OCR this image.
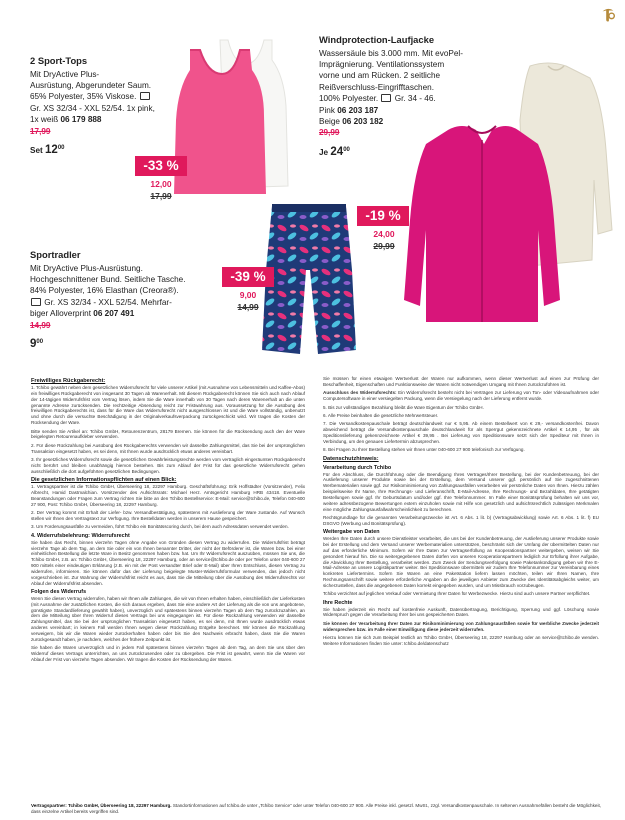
2 Sport-Tops
Mit DryActive Plus-
Ausrüstung, Abgerundeter Saum.
65% Polyester, 35% Viskose.
Gr. XS 32/34 - XXL 52/54. 1x pink,
1x weiß 06 179 888
17,99
Set $12^{00}$
-33 %
12,00
17,99
Sportradler
Mit DryActive Plus-Ausrüstung.
Hochgeschnittener Bund. Seitliche Tasche.
84% Polyester, 16% Elasthan (Creora®).
Gr. XS 32/34 - XXL 52/54. Mehrfar-
biger Alloverprint 06 207 491
14,99
$9^{00}$
-39 %
9,00
14,99
Windprotection-Laufjacke
Wassersäule bis 3.000 mm. Mit evoPel-
Imprägnierung. Ventilationssystem
vorne und am Rücken. 2 seitliche
Reißverschluss-Eingrifftaschen.
100% Polyester. Gr. 34 - 46.
Pink 06 203 187
Beige 06 203 182
29,99
Je $24^{00}$
-19 %
24,00
29,99
Freiwilliges Rückgaberecht:

1. Tchibo gewährt neben dem gesetzlichen Widerrufsrecht für viele unserer Artikel (mit Ausnahme von Lebensmitteln und Kaffee-Abos) ein freiwilliges Rückgaberecht von insgesamt 30 Tagen ab Warenerhalt. Mit diesem Rückgaberecht können Sie sich auch nach Ablauf der 14-tägigen Widerrufsfrist vom Vertrag lösen, indem Sie die Ware innerhalb von 30 Tagen nach deren Warenerhalt an die unten genannte Adresse zurücksenden. Die rechtzeitige Absendung reicht zur Fristwahrung aus. Voraussetzung für die Ausübung des freiwilligen Rückgaberechts ist, dass für die Ware das Widerrufsrecht nicht ausgeschlossen ist und die Ware vollständig, unbenutzt und ohne durch die versuchte Beschädigung in der Originalverkaufsverpackung zurückgeschickt wird. Wir tragen die Kosten der Rücksendung der Ware.

Bitte senden Sie Artikel an: Tchibo GmbH, Retourenzentrum, 28179 Bremen. Sie können für die Rücksendung auch den der Ware beigelegten Retourenaufkleber verwenden.

2. Für diese Rückzahlung bei Ausübung des Rückgaberechts verwenden wir dasselbe Zahlungsmittel, das Sie bei der ursprünglichen Transaktion eingesetzt haben, es sei denn, mit Ihnen wurde ausdrücklich etwas anderes vereinbart.

3. Ihr gesetzliches Widerrufsrecht sowie die gesetzlichen Gewährleistungsrechte werden vom vertraglich eingeräumten Rückgaberecht nicht berührt und bleiben unabhängig hiervon bestehen. Bis zum Ablauf der Frist für das gesetzliche Widerrufsrecht gehen ausschließlich die dort aufgeführten gesetzlichen Bedingungen.

Die gesetzlichen Informationspflichten auf einen Blick:

1. Vertragspartner ist die Tchibo GmbH, Überseering 18, 22297 Hamburg. Geschäftsführung: Erik Hoffstädter (Vorsitzender), Felix Albrecht, Hamid Dastmalchian. Vorsitzender des Aufsichtsrats: Michael Herz. Amtsgericht Hamburg HRB 43418. Eventuelle Beanstandungen oder Fragen zum Vertrag richten Sie bitte an den Tchibo Bestellservice: E-Mail: service@tchibo.de, Telefon 040-600 27 900, Post: Tchibo GmbH, Überseering 18, 22297 Hamburg.

2. Der Vertrag kommt mit Erhalt der Liefer- bzw. Versandbestätigung, spätestens mit Auslieferung der Ware zustande. Auf Wunsch stellen wir Ihnen den Vertragstext zur Verfügung. Ihre Bestelldaten werden in unserem Hause gespeichert.

3. Um Forderungsausfälle zu vermeiden, führt Tchibo ein Bonitätsscoring durch, bei dem auch Adressdaten verwendet werden.

4. Widerrufsbelehrung: Widerrufsrecht

Sie haben das Recht, binnen vierzehn Tagen ohne Angabe von Gründen diesen Vertrag zu widerrufen. Die Widerrufsfrist beträgt vierzehn Tage ab dem Tag, an dem Sie oder ein von Ihnen benannter Dritter, der nicht der Beförderer ist, die Waren bzw. bei einer einheitlichen Bestellung die letzte Ware in Besitz genommen haben bzw. hat. Um Ihr Widerrufsrecht auszuüben, müssen Sie uns, die Tchibo GmbH, z.B. an: Tchibo GmbH, Überseering 18, 22297 Hamburg, oder an service@tchibo.de oder per Telefon unter 040-600 27 900 mittels einer eindeutigen Erklärung (z.B. ein mit der Post versandter Brief oder E-Mail) über Ihren Entschluss, diesen Vertrag zu widerrufen, informieren. Sie können dafür das der Lieferung beigelegte Muster-Widerrufsformular verwenden, das jedoch nicht vorgeschrieben ist. Zur Wahrung der Widerrufsfrist reicht es aus, dass Sie die Mitteilung über die Ausübung des Widerrufsrechts vor Ablauf der Widerrufsfrist absenden.

Folgen des Widerrufs

Wenn Sie diesen Vertrag widerrufen, haben wir Ihnen alle Zahlungen, die wir von Ihnen erhalten haben, einschließlich der Lieferkosten (mit Ausnahme der zusätzlichen Kosten, die sich daraus ergeben, dass Sie eine andere Art der Lieferung als die von uns angebotene, günstigste Standardlieferung gewählt haben), unverzüglich und spätestens binnen vierzehn Tagen ab dem Tag zurückzuzahlen, an dem die Mitteilung über Ihren Widerruf dieses Vertrags bei uns eingegangen ist. Für diese Rückzahlung verwenden wir dasselbe Zahlungsmittel, das Sie bei der ursprünglichen Transaktion eingesetzt haben, es sei denn, mit Ihnen wurde ausdrücklich etwas anderes vereinbart; in keinem Fall werden Ihnen wegen dieser Rückzahlung Entgelte berechnet. Wir können die Rückzahlung verweigern, bis wir die Waren wieder zurückerhalten haben oder bis Sie den Nachweis erbracht haben, dass Sie die Waren zurückgesandt haben, je nachdem, welches der frühere Zeitpunkt ist.

Sie haben die Waren unverzüglich und in jedem Fall spätestens binnen vierzehn Tagen ab dem Tag, an dem Sie uns über den Widerruf dieses Vertrags unterrichten, an uns zurückzusenden oder zu übergeben. Die Frist ist gewahrt, wenn Sie die Waren vor Ablauf der Frist von vierzehn Tagen absenden. Wir tragen die Kosten der Rücksendung der Waren.

Sie müssen für einen etwaigen Wertverlust der Waren nur aufkommen, wenn dieser Wertverlust auf einen zur Prüfung der Beschaffenheit, Eigenschaften und Funktionsweise der Waren nicht notwendigen Umgang mit Ihnen zurückzuführen ist.

Ausschluss des Widerrufsrechts: Ein Widerrufsrecht besteht nicht bei Verträgen zur Lieferung von Ton- oder Videoaufnahmen oder Computersoftware in einer versiegelten Packung, wenn die Versiegelung nach der Lieferung entfernt wurde.

5. Bis zur vollständigen Bezahlung bleibt die Ware Eigentum der Tchibo GmbH.

6. Alle Preise beinhalten die gesetzliche Mehrwertsteuer.

7. Die Versandkostenpauschale beträgt deutschlandweit nur € 5,95. Ab einem Bestellwert von € 29,- versandkostenfrei. Davon abweichend beträgt die Versandkostenpauschale deutschlandweit für als Sperrgut gekennzeichnete Artikel € 14,95 , für als Speditionslieferung gekennzeichnete Artikel € 39,95 . Bei Lieferung von Speditionsware setzt sich der Spediteur mit Ihnen in Verbindung, um den genauen Liefertermin abzusprechen.

8. Bei Fragen zu Ihrer Bestellung stehen wir Ihnen unter 040-600 27 900 telefonisch zur Verfügung.

Datenschutzhinweis:
Verarbeitung durch Tchibo

Für den Abschluss, die Durchführung oder die Beendigung Ihres Vertrages/Ihrer Bestellung, bei der Kundenbetreuung, bei der Auslieferung unserer Produkte sowie bei der Erstellung, dem Versand unserer ggf. persönlich auf Sie zugeschnittenen Werbematerialien sowie ggf. zur Risikominimierung von Zahlungsausfällen verarbeiten wir persönliche Daten von Ihnen. Hierzu zählen beispielsweise Ihr Name, Ihre Rechnungs- und Lieferanschrift, E-Mail-Adresse, Ihre Rechnungs- und Bezahldaten, Ihre getätigten Bestellungen sowie ggf. Ihr Geburtsdatum und/oder ggf. Ihre Telefonnummer. Im Falle einer Bonitätsprüfung behalten wir uns vor, weitere adressbezogene Bewertungen extern einzuholen sowie mit Hilfe von gesetzlich und aufsichtsrechtlich zulässigen Merkmalen eine mögliche Zahlungsausfallwahrscheinlichkeit zu berechnen.

Rechtsgrundlage für die genannten Verarbeitungszwecke ist Art. 6 Abs. 1 lit. b) (Vertragsabwicklung) sowie Art. 6 Abs. 1 lit. f) EU DSGVO (Werbung und Bonitätsprüfung).

Weitergabe von Daten

Werden Ihre Daten durch unsere Dienstleister verarbeitet, die uns bei der Kundenbetreuung, der Auslieferung unserer Produkte sowie bei der Erstellung und dem Versand unserer Werbematerialien unterstützen, beschränkt sich der Umfang der übermittelten Daten nur auf das erforderliche Minimum. Sofern wir Ihre Daten zur Vertragserfüllung an Kooperationspartner weitergeben, weisen wir Sie gesondert hierauf hin. Die so weitergegebenen Daten dürfen von unseren Kooperationspartnern lediglich zur Erfüllung ihrer Aufgabe, die Abwicklung Ihrer Bestellung, verarbeitet werden. Zum Zweck der Sendungsverfolgung sowie Paketankündigung geben wir Ihre E-Mail-Adresse an unsere Logistikpartner weiter. Bei Speditionsware übermitteln wir zudem Ihre Telefonnummer zur Vereinbarung eines konkreten Liefertermins. Sofern Sie Waren an eine Paketstation liefern lassen möchten, teilen wir Ihren Namen, Ihre Rechnungsanschrift sowie weitere erforderliche Angaben an die jeweiligen Anbieter zum Zwecke des Identitätsabgleichs weiter, um sicherzustellen, dass die angegebenen Daten korrekt eingegeben wurden, und um Missbrauch vorzubeugen.

Tchibo verzichtet auf jeglichen Verkauf oder Vermietung Ihrer Daten für Werbezwecke. Hierzu sind auch unsere Partner verpflichtet.

Ihre Rechte

Sie haben jederzeit ein Recht auf kostenfreie Auskunft, Datenübertragung, Berichtigung, Sperrung und ggf. Löschung sowie Widerspruch gegen die Verarbeitung Ihrer bei uns gespeicherten Daten.

Sie können der Verarbeitung Ihrer Daten zur Risikominimierung von Zahlungsausfällen sowie für werbliche Zwecke jederzeit widersprechen bzw. im Falle einer Einwilligung diese jederzeit widerrufen.

Hierzu können Sie sich zum Beispiel textlich an Tchibo GmbH, Überseering 18, 22297 Hamburg oder an service@tchibo.de wenden. Weitere Informationen finden Sie unter: tchibo.de/datenschutz

Vertragspartner: Tchibo GmbH, Überseering 18, 22297 Hamburg. Standortinformationen auf tchibo.de unter „Tchibo Service“ oder unter Telefon 040-600 27 900. Alle Preise inkl. gesetzl. MwSt., zzgl. Versandkostenpauschale. In seltenen Ausnahmefällen besteht die Möglichkeit, dass einzelne Artikel bereits vergriffen sind.
